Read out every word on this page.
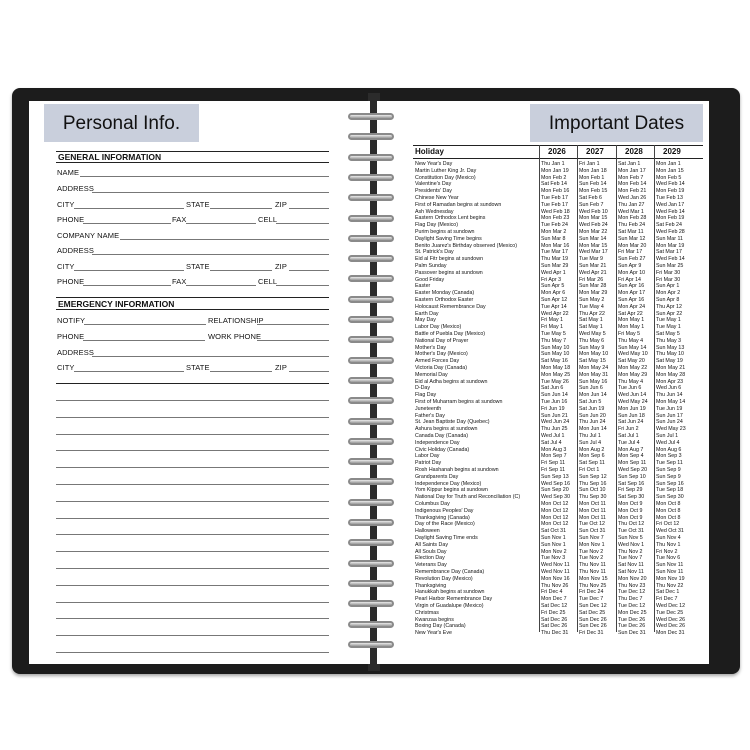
Personal Info.
GENERAL INFORMATION
NAME
ADDRESS
CITY	STATE	ZIP
PHONE	FAX	CELL
COMPANY NAME
ADDRESS
CITY	STATE	ZIP
PHONE	FAX	CELL
EMERGENCY INFORMATION
NOTIFY	RELATIONSHIP
PHONE	WORK PHONE
ADDRESS
CITY	STATE	ZIP
Important Dates
Holiday	2026	2027	2028	2029
New Year's Day	Thu Jan 1	Fri Jan 1	Sat Jan 1	Mon Jan 1
Martin Luther King Jr. Day	Mon Jan 19 Mon Jan 18 Mon Jan 17 Mon Jan 15
Constitution Day (Mexico)	Mon Feb 2 Mon Feb 1	Mon Feb 7 Mon Feb 5
Valentine's Day	Sat Feb 14 Sun Feb 14 Mon Feb 14 Wed Feb 14
Presidents' Day	Mon Feb 16 Mon Feb 15 Mon Feb 21 Mon Feb 19
Chinese New Year	Tue Feb 17 Sat Feb 6	Wed Jan 26 Tue Feb 13
First of Ramadan begins at sundown	Tue Feb 17 Sun Feb 7	Thu Jan 27 Wed Jan 17
Ash Wednesday	Wed Feb 18 Wed Feb 10 Wed Mar 1 Wed Feb 14
Eastern Orthodox Lent begins	Mon Feb 23 Mon Mar 15 Mon Feb 28 Mon Feb 19
Flag Day (Mexico)	Tue Feb 24 Wed Feb 24 Thu Feb 24 Sat Feb 24
Purim begins at sundown	Mon Mar 2 Mon Mar 22 Sat Mar 11 Wed Feb 28
Daylight Saving Time begins	Sun Mar 8	Sun Mar 14 Sun Mar 12 Sun Mar 11
Benito Juarez's Birthday observed (Mexico)	Mon Mar 16 Mon Mar 15 Mon Mar 20 Mon Mar 19
St. Patrick's Day	Tue Mar 17 Wed Mar 17 Fri Mar 17	Sat Mar 17
Eid al Fitr begins at sundown	Thu Mar 19 Tue Mar 9	Sun Feb 27 Wed Feb 14
Palm Sunday	Sun Mar 29 Sun Mar 21 Sun Apr 9	Sun Mar 25
Passover begins at sundown	Wed Apr 1	Wed Apr 21 Mon Apr 10 Fri Mar 30
Good Friday	Fri Apr 3	Fri Mar 26	Fri Apr 14	Fri Mar 30
Easter	Sun Apr 5	Sun Mar 28 Sun Apr 16 Sun Apr 1
Easter Monday (Canada)	Mon Apr 6	Mon Mar 29 Mon Apr 17 Mon Apr 2
Eastern Orthodox Easter	Sun Apr 12 Sun May 2	Sun Apr 16 Sun Apr 8
Holocaust Remembrance Day	Tue Apr 14 Tue May 4	Mon Apr 24 Thu Apr 12
Earth Day	Wed Apr 22 Thu Apr 22 Sat Apr 22	Sun Apr 22
May Day	Fri May 1	Sat May 1	Mon May 1 Tue May 1
Labor Day (Mexico)	Fri May 1	Sat May 1	Mon May 1 Tue May 1
Battle of Puebla Day (Mexico)	Tue May 5 Wed May 5 Fri May 5	Sat May 5
National Day of Prayer	Thu May 7 Thu May 6	Thu May 4 Thu May 3
Mother's Day	Sun May 10 Sun May 9	Sun May 14 Sun May 13
Mother's Day (Mexico)	Sun May 10 Mon May 10 Wed May 10 Thu May 10
Armed Forces Day	Sat May 16 Sat May 15 Sat May 20 Sat May 19
Victoria Day (Canada)	Mon May 18 Mon May 24 Mon May 22 Mon May 21
Memorial Day	Mon May 25 Mon May 31 Mon May 29 Mon May 28
Eid al Adha begins at sundown	Tue May 26 Sun May 16 Thu May 4 Mon Apr 23
D-Day	Sat Jun 6	Sun Jun 6	Tue Jun 6	Wed Jun 6
Flag Day	Sun Jun 14 Mon Jun 14 Wed Jun 14 Thu Jun 14
First of Muharram begins at sundown	Tue Jun 16 Sat Jun 5	Wed May 24 Mon May 14
Juneteenth	Fri Jun 19	Sat Jun 19	Mon Jun 19 Tue Jun 19
Father's Day	Sun Jun 21 Sun Jun 20 Sun Jun 18 Sun Jun 17
St. Jean Baptiste Day (Quebec)	Wed Jun 24 Thu Jun 24 Sat Jun 24 Sun Jun 24
Ashura begins at sundown	Thu Jun 25 Mon Jun 14 Fri Jun 2	Wed May 23
Canada Day (Canada)	Wed Jul 1	Thu Jul 1	Sat Jul 1	Sun Jul 1
Independence Day	Sat Jul 4	Sun Jul 4	Tue Jul 4	Wed Jul 4
Civic Holiday (Canada)	Mon Aug 3 Mon Aug 2	Mon Aug 7 Mon Aug 6
Labor Day	Mon Sep 7 Mon Sep 6	Mon Sep 4 Mon Sep 3
Patriot Day	Fri Sep 11	Sat Sep 11 Mon Sep 11 Tue Sep 11
Rosh Hashanah begins at sundown	Fri Sep 11	Fri Oct 1	Wed Sep 20 Sun Sep 9
Grandparents Day	Sun Sep 13 Sun Sep 12 Sun Sep 10 Sun Sep 9
Independence Day (Mexico)	Wed Sep 16 Thu Sep 16 Sat Sep 16 Sun Sep 16
Yom Kippur begins at sundown	Sun Sep 20 Sun Oct 10 Fri Sep 29	Tue Sep 18
National Day for Truth and Reconciliation (C)	Wed Sep 30 Thu Sep 30 Sat Sep 30 Sun Sep 30
Columbus Day	Mon Oct 12 Mon Oct 11 Mon Oct 9	Mon Oct 8
Indigenous Peoples' Day	Mon Oct 12 Mon Oct 11 Mon Oct 9	Mon Oct 8
Thanksgiving (Canada)	Mon Oct 12 Mon Oct 11 Mon Oct 9	Mon Oct 8
Day of the Race (Mexico)	Mon Oct 12 Tue Oct 12 Thu Oct 12 Fri Oct 12
Halloween	Sat Oct 31 Sun Oct 31 Tue Oct 31 Wed Oct 31
Daylight Saving Time ends	Sun Nov 1	Sun Nov 7	Sun Nov 5	Sun Nov 4
All Saints Day	Sun Nov 1	Mon Nov 1	Wed Nov 1 Thu Nov 1
All Souls Day	Mon Nov 2 Tue Nov 2	Thu Nov 2	Fri Nov 2
Election Day	Tue Nov 3	Tue Nov 2	Tue Nov 7	Tue Nov 6
Veterans Day	Wed Nov 11 Thu Nov 11 Sat Nov 11 Sun Nov 11
Remembrance Day (Canada)	Wed Nov 11 Thu Nov 11 Sat Nov 11 Sun Nov 11
Revolution Day (Mexico)	Mon Nov 16 Mon Nov 15 Mon Nov 20 Mon Nov 19
Thanksgiving	Thu Nov 26 Thu Nov 25 Thu Nov 23 Thu Nov 22
Hanukkah begins at sundown	Fri Dec 4	Fri Dec 24	Tue Dec 12 Sat Dec 1
Pearl Harbor Remembrance Day	Mon Dec 7 Tue Dec 7	Thu Dec 7	Fri Dec 7
Virgin of Guadalupe (Mexico)	Sat Dec 12 Sun Dec 12 Tue Dec 12 Wed Dec 12
Christmas	Fri Dec 25	Sat Dec 25 Mon Dec 25 Tue Dec 25
Kwanzaa begins	Sat Dec 26 Sun Dec 26 Tue Dec 26 Wed Dec 26
Boxing Day (Canada)	Sat Dec 26 Sun Dec 26 Tue Dec 26 Wed Dec 26
New Year's Eve	Thu Dec 31 Fri Dec 31	Sun Dec 31 Mon Dec 31
